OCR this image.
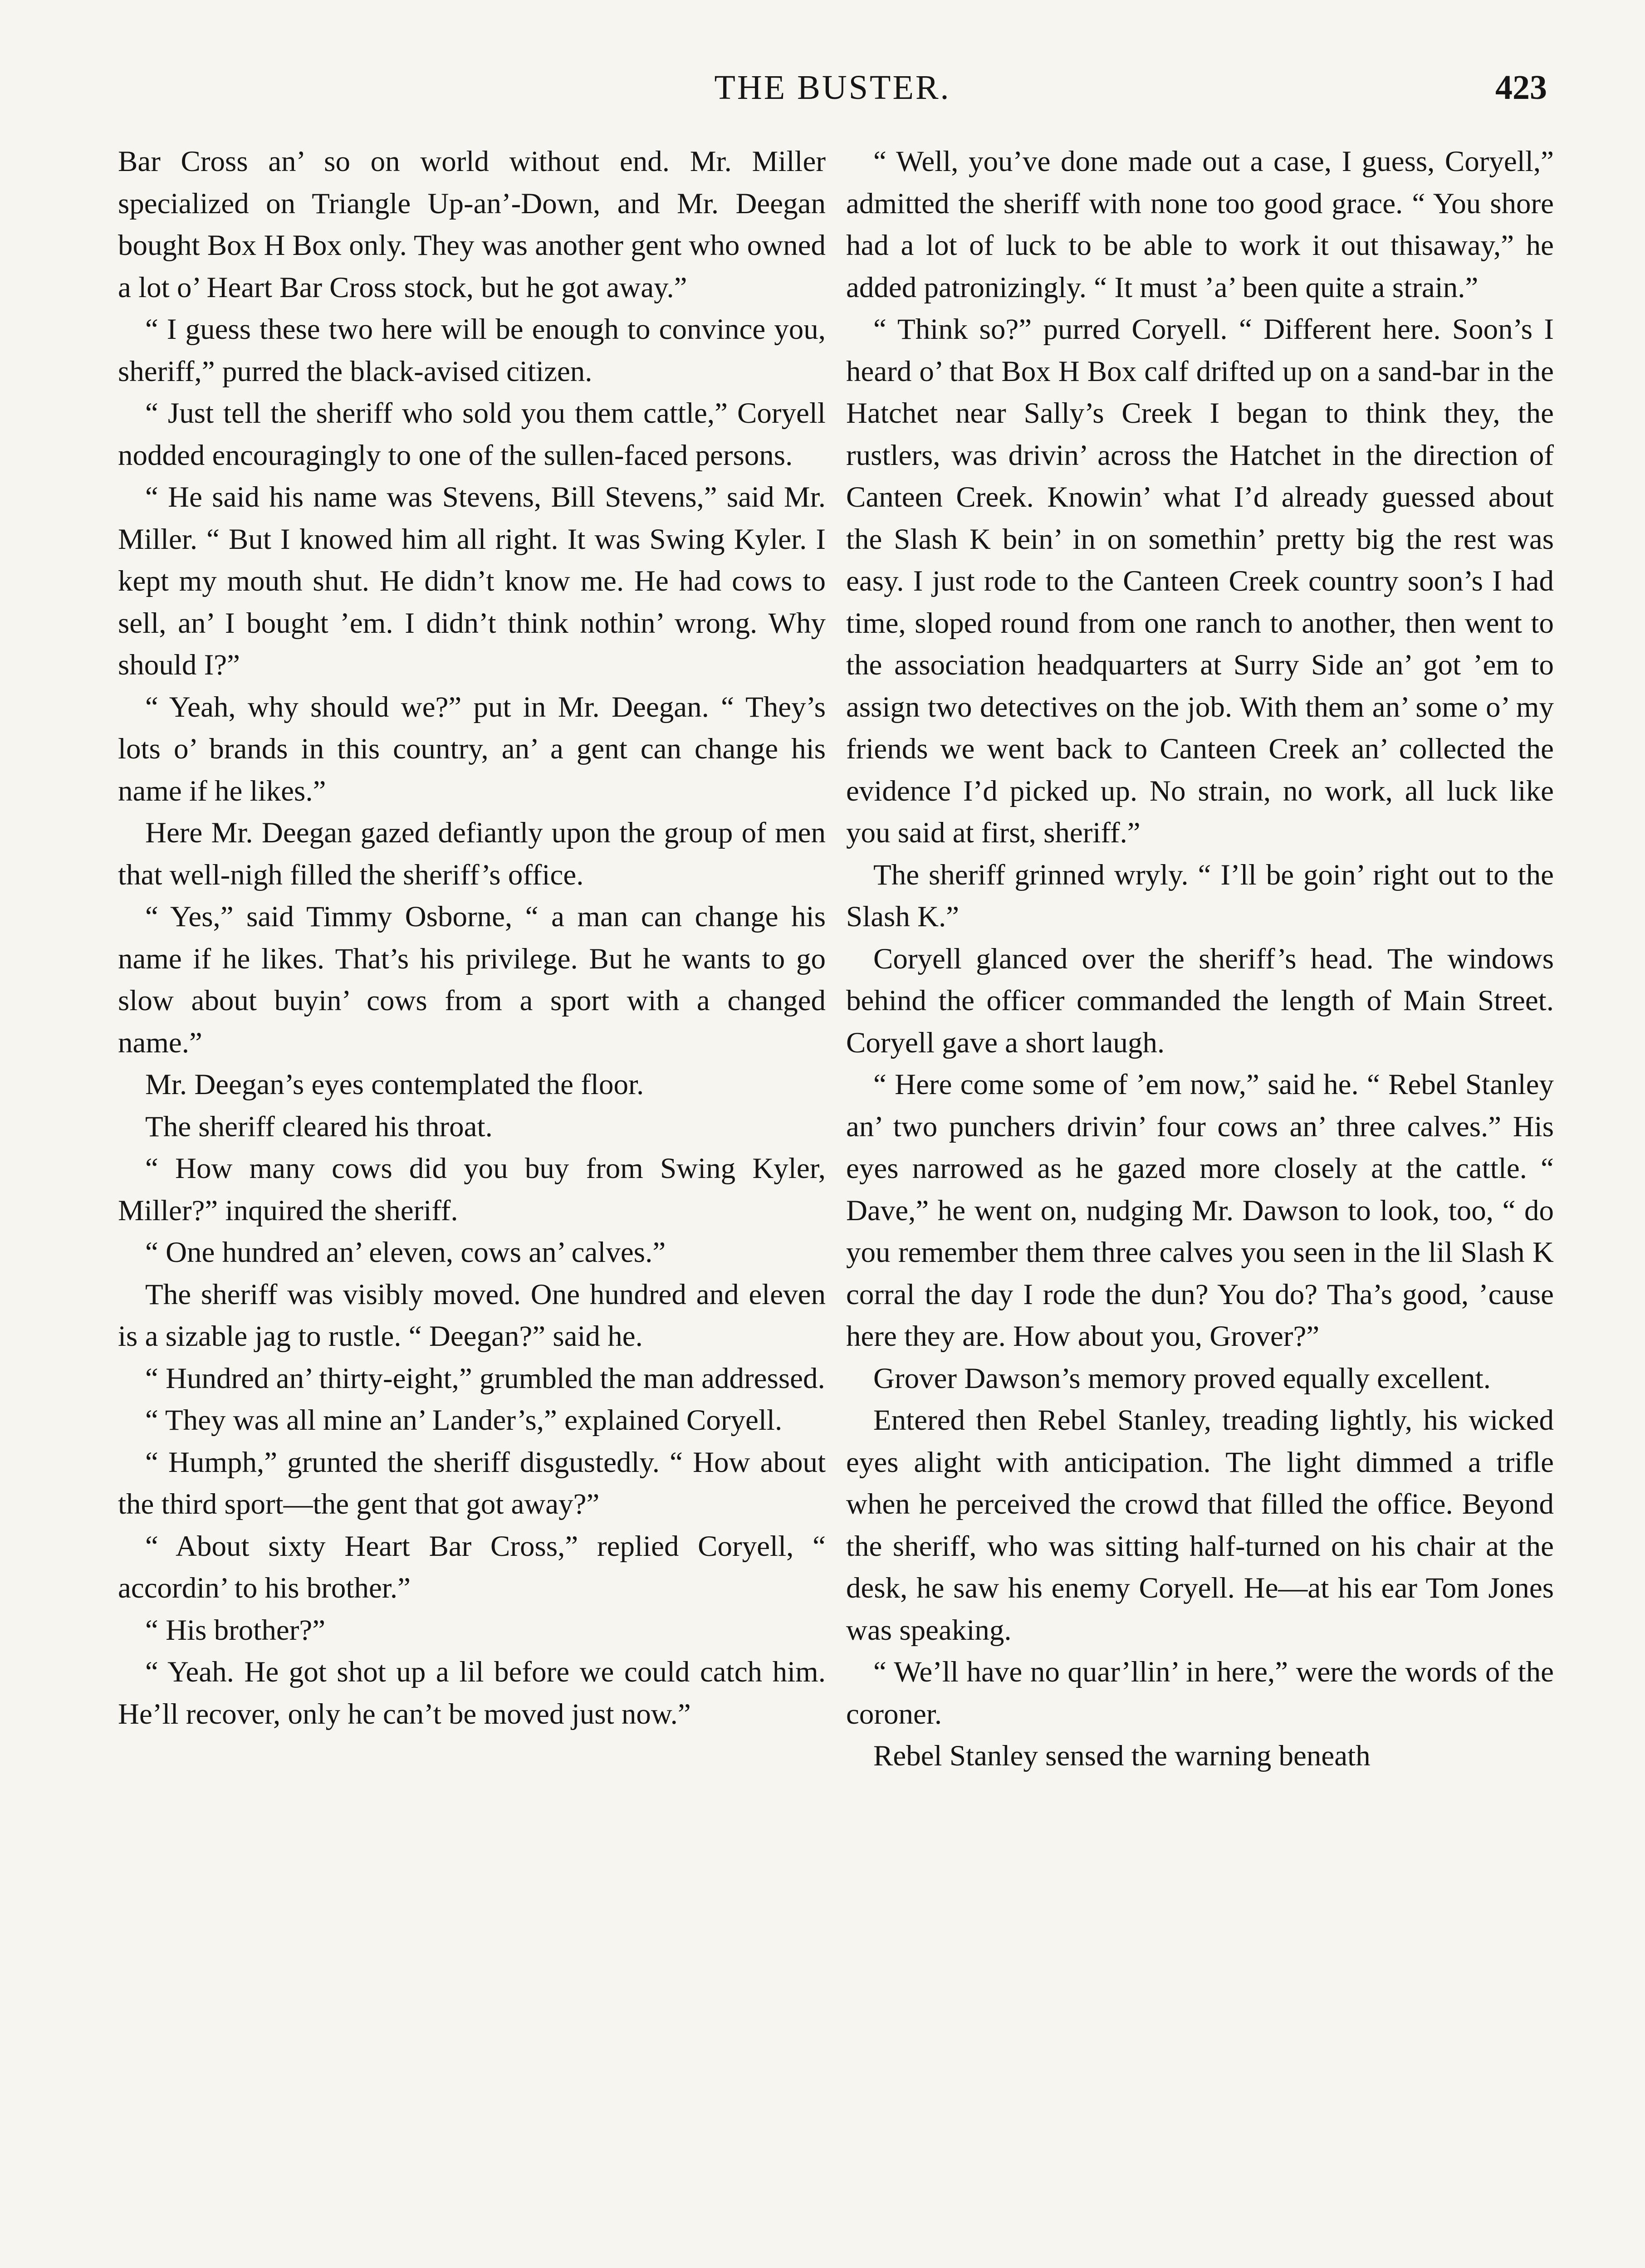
THE BUSTER.	423

Bar Cross an’ so on world without end. Mr. Miller specialized on Triangle Up-an’-Down, and Mr. Deegan bought Box H Box only. They was another gent who owned a lot o’ Heart Bar Cross stock, but he got away.”

“ I guess these two here will be enough to convince you, sheriff,” purred the black-avised citizen.

“ Just tell the sheriff who sold you them cattle,” Coryell nodded encouragingly to one of the sullen-faced persons.

“ He said his name was Stevens, Bill Stevens,” said Mr. Miller. “ But I knowed him all right. It was Swing Kyler. I kept my mouth shut. He didn’t know me. He had cows to sell, an’ I bought ’em. I didn’t think nothin’ wrong. Why should I?”

“ Yeah, why should we?” put in Mr. Deegan. “ They’s lots o’ brands in this country, an’ a gent can change his name if he likes.”

Here Mr. Deegan gazed defiantly upon the group of men that well-nigh filled the sheriff’s office.

“ Yes,” said Timmy Osborne, “ a man can change his name if he likes. That’s his privilege. But he wants to go slow about buyin’ cows from a sport with a changed name.”

Mr. Deegan’s eyes contemplated the floor.

The sheriff cleared his throat.

“ How many cows did you buy from Swing Kyler, Miller?” inquired the sheriff.

“ One hundred an’ eleven, cows an’ calves.”

The sheriff was visibly moved. One hundred and eleven is a sizable jag to rustle. “ Deegan?” said he.

“ Hundred an’ thirty-eight,” grumbled the man addressed.

“ They was all mine an’ Lander’s,” explained Coryell.

“ Humph,” grunted the sheriff disgustedly. “ How about the third sport—the gent that got away?”

“ About sixty Heart Bar Cross,” replied Coryell, “ accordin’ to his brother.”

“ His brother?”

“ Yeah. He got shot up a lil before we could catch him. He’ll recover, only he can’t be moved just now.”

“ Well, you’ve done made out a case, I guess, Coryell,” admitted the sheriff with none too good grace. “ You shore had a lot of luck to be able to work it out thisaway,” he added patronizingly. “ It must ’a’ been quite a strain.”

“ Think so?” purred Coryell. “ Different here. Soon’s I heard o’ that Box H Box calf drifted up on a sand-bar in the Hatchet near Sally’s Creek I began to think they, the rustlers, was drivin’ across the Hatchet in the direction of Canteen Creek. Knowin’ what I’d already guessed about the Slash K bein’ in on somethin’ pretty big the rest was easy. I just rode to the Canteen Creek country soon’s I had time, sloped round from one ranch to another, then went to the association headquarters at Surry Side an’ got ’em to assign two detectives on the job. With them an’ some o’ my friends we went back to Canteen Creek an’ collected the evidence I’d picked up. No strain, no work, all luck like you said at first, sheriff.”

The sheriff grinned wryly. “ I’ll be goin’ right out to the Slash K.”

Coryell glanced over the sheriff’s head. The windows behind the officer commanded the length of Main Street. Coryell gave a short laugh.

“ Here come some of ’em now,” said he. “ Rebel Stanley an’ two punchers drivin’ four cows an’ three calves.” His eyes narrowed as he gazed more closely at the cattle. “ Dave,” he went on, nudging Mr. Dawson to look, too, “ do you remember them three calves you seen in the lil Slash K corral the day I rode the dun? You do? Tha’s good, ’cause here they are. How about you, Grover?”

Grover Dawson’s memory proved equally excellent.

Entered then Rebel Stanley, treading lightly, his wicked eyes alight with anticipation. The light dimmed a trifle when he perceived the crowd that filled the office. Beyond the sheriff, who was sitting half-turned on his chair at the desk, he saw his enemy Coryell. He—at his ear Tom Jones was speaking.

“ We’ll have no quar’llin’ in here,” were the words of the coroner.

Rebel Stanley sensed the warning beneath
